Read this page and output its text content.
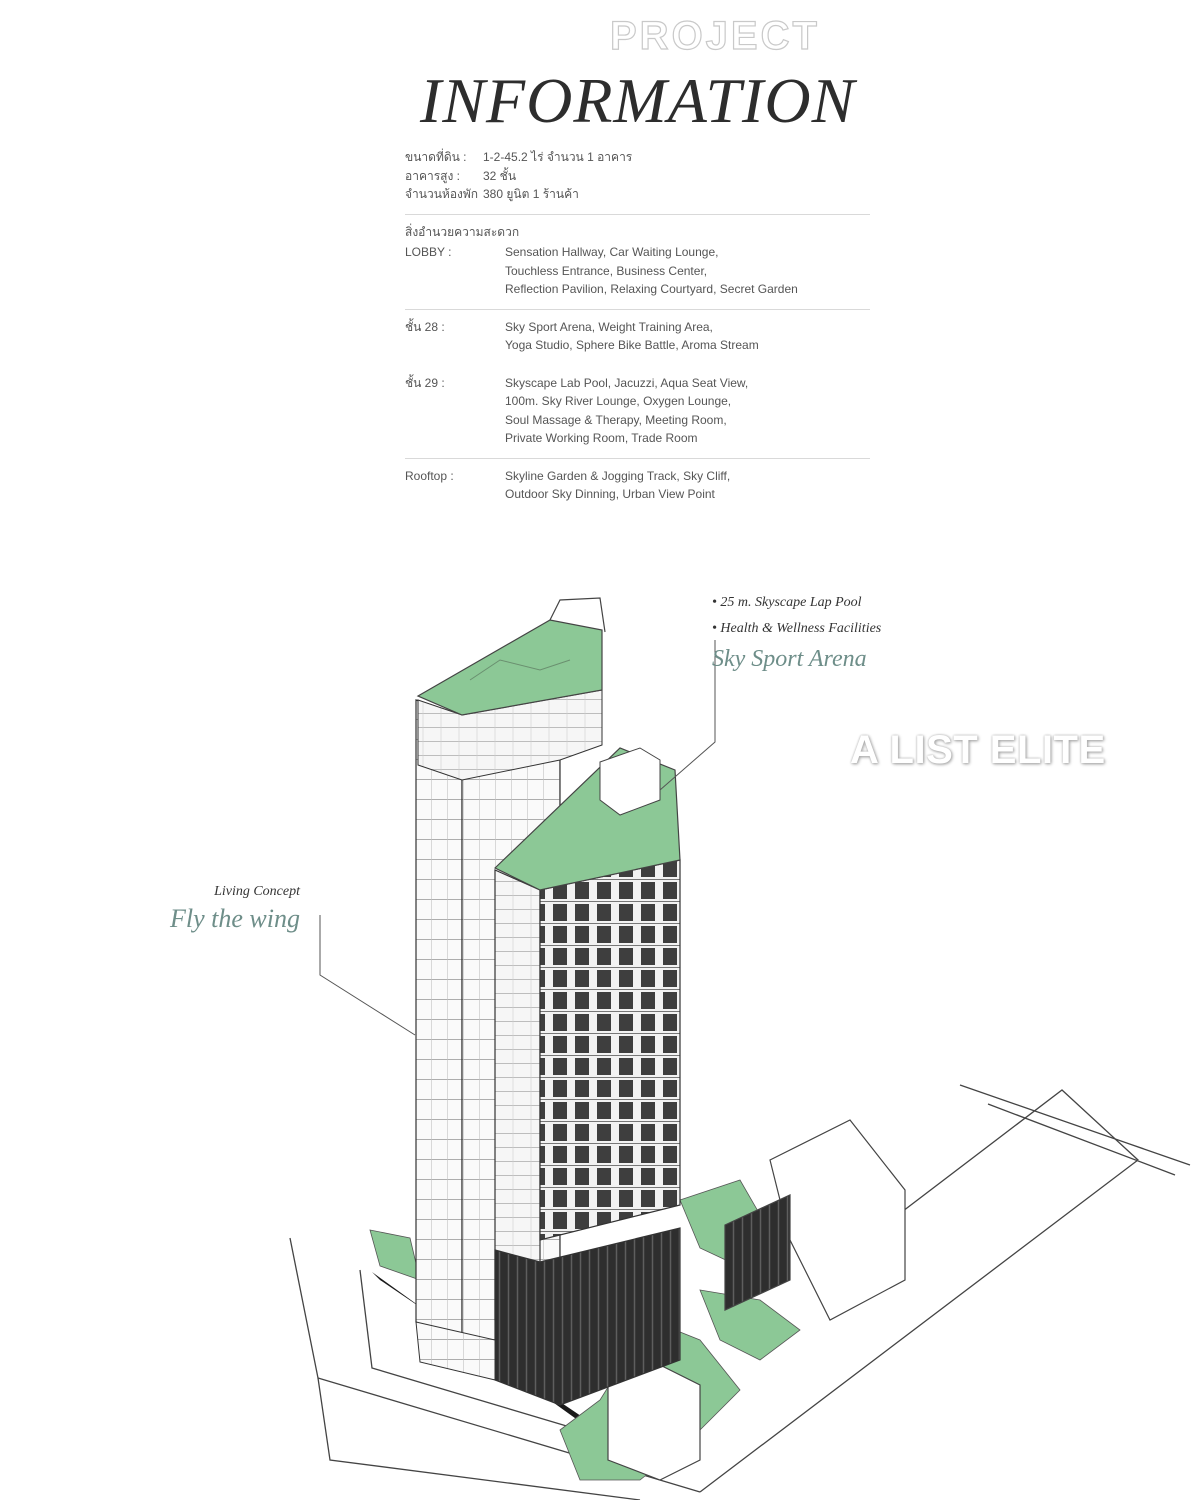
PROJECT
INFORMATION
ขนาดที่ดิน :	1-2-45.2 ไร่ จำนวน 1 อาคาร
อาคารสูง :	32 ชั้น
จำนวนห้องพัก 380 ยูนิต 1 ร้านค้า
สิ่งอำนวยความสะดวก
LOBBY :	Sensation Hallway, Car Waiting Lounge,
Touchless Entrance, Business Center,
Reflection Pavilion, Relaxing Courtyard, Secret Garden
ชั้น 28 :	Sky Sport Arena, Weight Training Area,
Yoga Studio, Sphere Bike Battle, Aroma Stream
ชั้น 29 :	Skyscape Lab Pool, Jacuzzi, Aqua Seat View,
100m. Sky River Lounge, Oxygen Lounge,
Soul Massage & Therapy, Meeting Room,
Private Working Room, Trade Room
Rooftop :	Skyline Garden & Jogging Track, Sky Cliff,
Outdoor Sky Dinning, Urban View Point
• 25 m. Skyscape Lap Pool
• Health & Wellness Facilities
Sky Sport Arena
Living Concept
Fly the wing
A LIST ELITE
